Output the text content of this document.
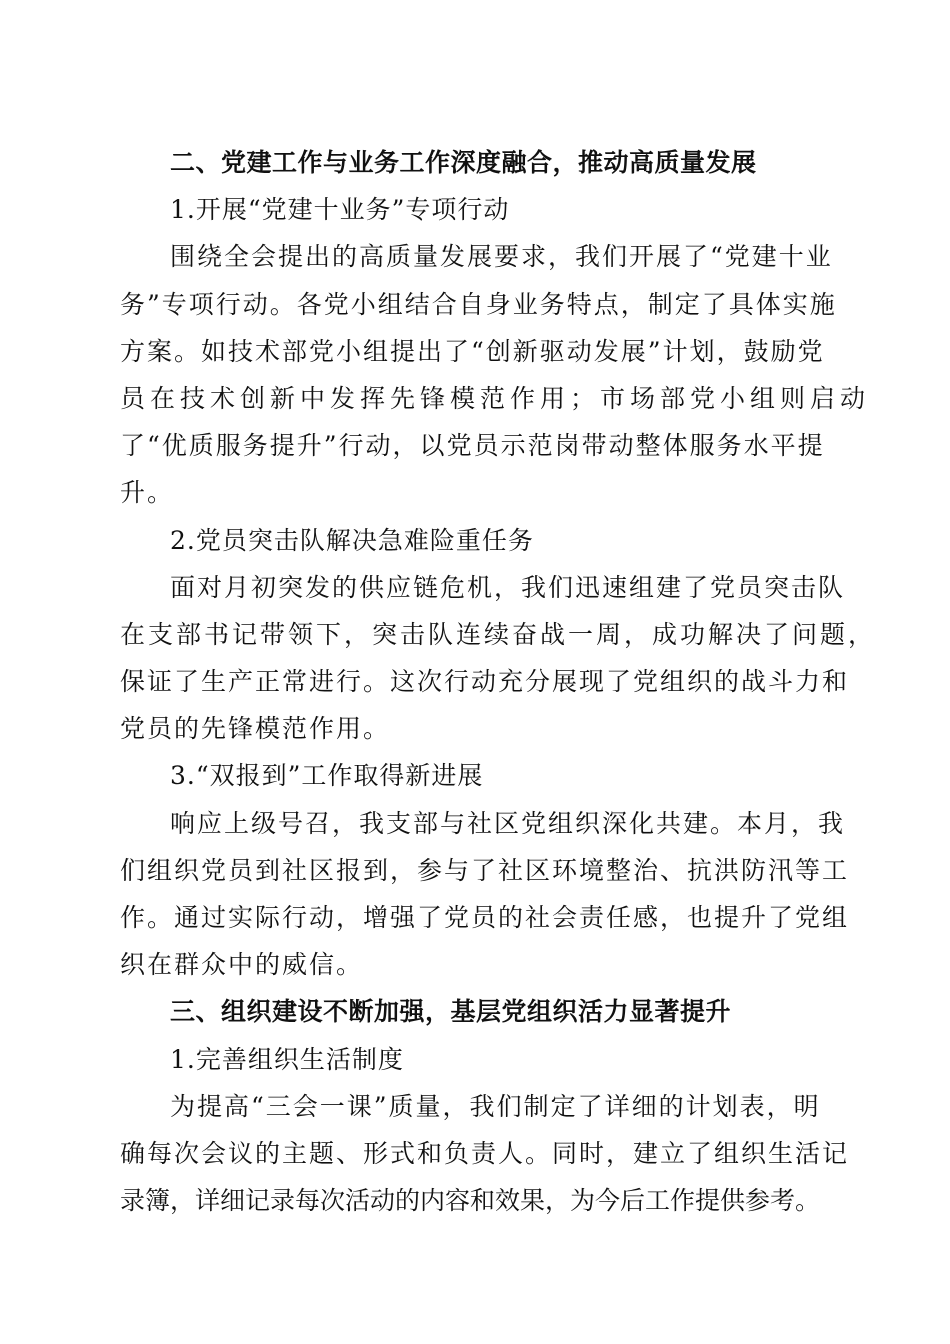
二、党建工作与业务工作深度融合，推动高质量发展
1.开展“党建十业务”专项行动
围绕全会提出的高质量发展要求，我们开展了“党建十业
务”专项行动。各党小组结合自身业务特点，制定了具体实施
方案。如技术部党小组提出了“创新驱动发展”计划，鼓励党
员在技术创新中发挥先锋模范作用；市场部党小组则启动
了“优质服务提升”行动，以党员示范岗带动整体服务水平提
升。
2.党员突击队解决急难险重任务
面对月初突发的供应链危机，我们迅速组建了党员突击队
在支部书记带领下，突击队连续奋战一周，成功解决了问题，
保证了生产正常进行。这次行动充分展现了党组织的战斗力和
党员的先锋模范作用。
3.“双报到”工作取得新进展
响应上级号召，我支部与社区党组织深化共建。本月，我
们组织党员到社区报到，参与了社区环境整治、抗洪防汛等工
作。通过实际行动，增强了党员的社会责任感，也提升了党组
织在群众中的威信。
三、组织建设不断加强，基层党组织活力显著提升
1.完善组织生活制度
为提高“三会一课”质量，我们制定了详细的计划表，明
确每次会议的主题、形式和负责人。同时，建立了组织生活记
录簿，详细记录每次活动的内容和效果，为今后工作提供参考。
